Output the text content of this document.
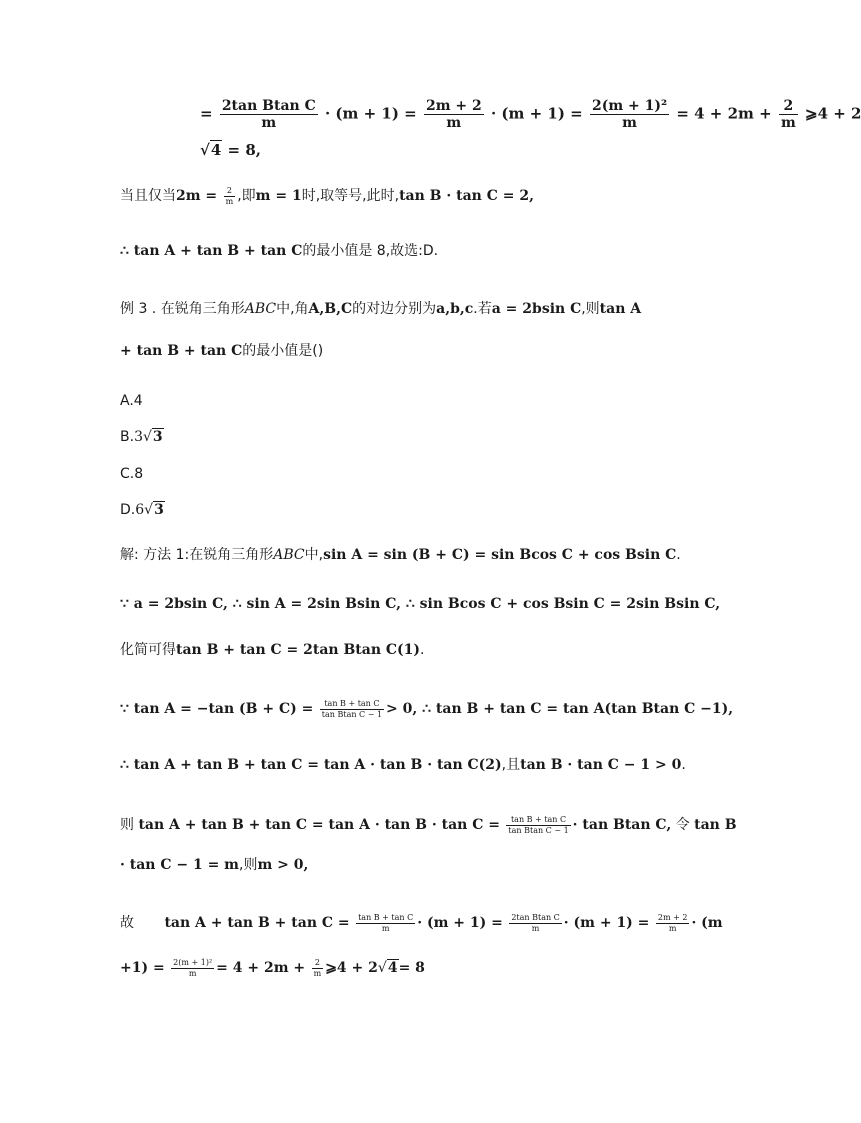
= $\frac{\text{2tan Btan C}}{m} \cdot (m + 1) = \frac{2m + 2}{m} \cdot (m + 1) = \frac{\text{2(m + 1)²}}{m} = 4 + 2m + \frac{2}{m}$ ⩾4 + 2
√4 = 8,
当且仅当$2m = \frac{2}{m}$ ,即m = 1时,取等号,此时,tan B · tan C = 2,
∴ tan A + tan B + tan C的最小值是 8,故选:D.
例 3 . 在锐角三角形ABC中,角A,B,C的对边分别为a,b,c.若a = 2bsin C,则tan A
+ tan B + tan C的最小值是()
A.4
B.3√3
C.8
D.6√3
解: 方法 1:在锐角三角形ABC中,sin A = sin (B + C) = sin Bcos C + cos Bsin C.
∵ a = 2bsin C, ∴ sin A = 2sin Bsin C, ∴ sin Bcos C + cos Bsin C = 2sin Bsin C,
化简可得tan B + tan C = 2tan Btan C(1).
∵ tan A = −tan $(B + C) = \frac{\text{tan B + tan C}}{\text{tan Btan C − 1}} > 0$, ∴ tan B + tan C = tan A(tan Btan C −1),
∴ tan A + tan B + tan C = tan A · tan B · tan C(2),且tan B · tan C − 1 > 0.
则 $\tan A + \tan B + \tan C = \tan A \cdot \tan B \cdot \tan C = \frac{\text{tan B + tan C}}{\text{tan Btan C − 1}} \cdot \tan Btan$ C, 令 tan B
· tan C − 1 = m,则m > 0,
故 $\tan A + \tan B + \tan C = \frac{\text{tan B + tan C}}{m} \cdot (m + 1) = \frac{\text{2tan Btan C}}{m} \cdot (m + 1) = \frac{2m + 2}{m} \cdot (m$
$+1) = \frac{\text{2(m + 1)²}}{m} = 4 + 2m + \frac{2}{m}$ ⩾4 + 2√4= 8
